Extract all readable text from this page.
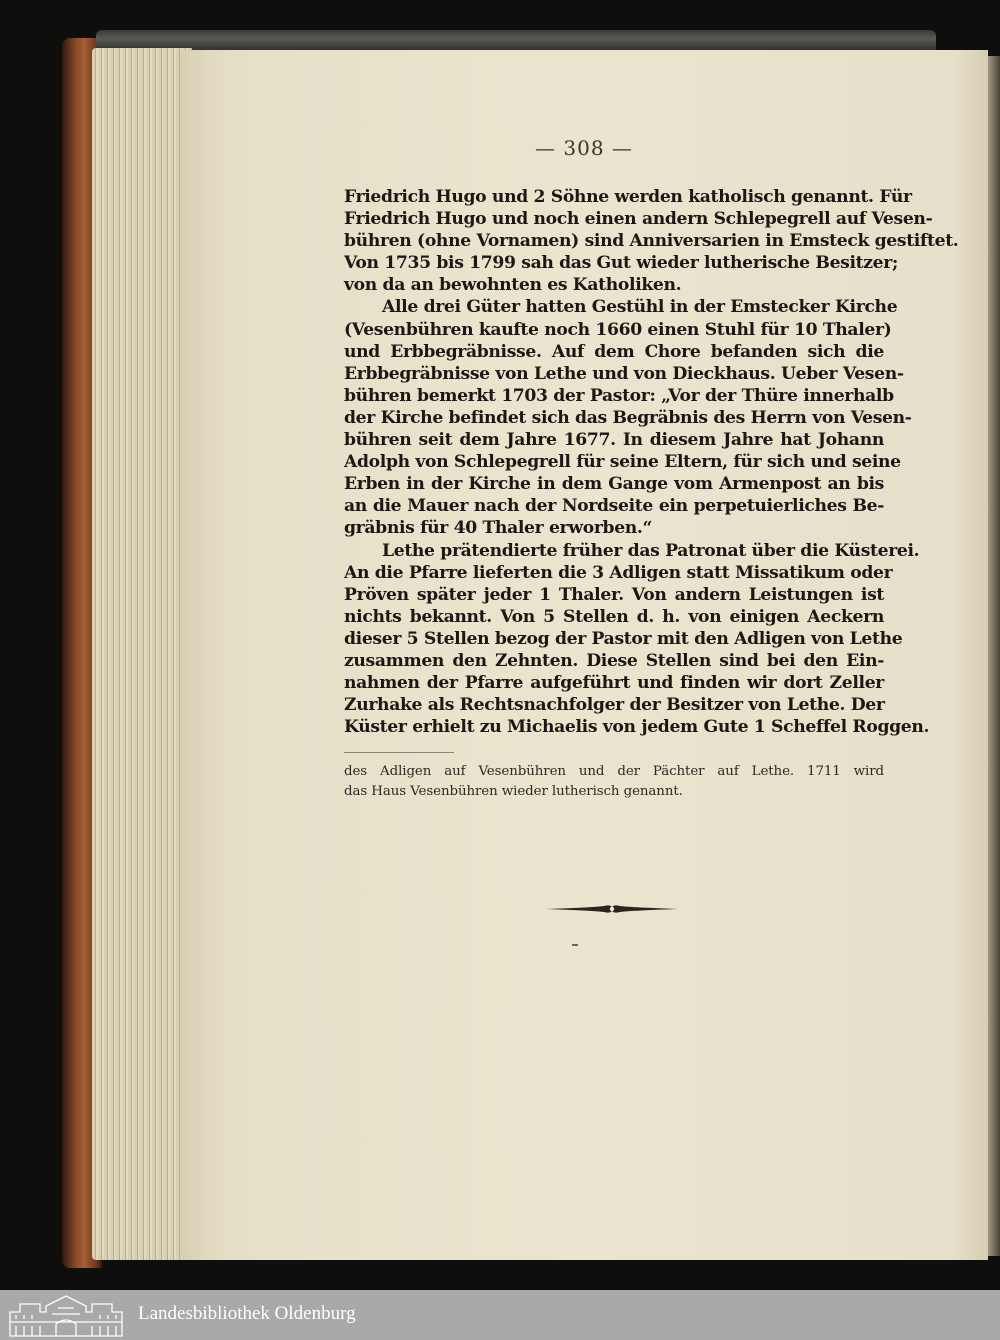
— 308 —
Friedrich Hugo und 2 Söhne werden katholisch genannt. Für
Friedrich Hugo und noch einen andern Schlepegrell auf Vesen-
bühren (ohne Vornamen) sind Anniversarien in Emsteck gestiftet.
Von 1735 bis 1799 sah das Gut wieder lutherische Besitzer;
von da an bewohnten es Katholiken.
Alle drei Güter hatten Gestühl in der Emstecker Kirche
(Vesenbühren kaufte noch 1660 einen Stuhl für 10 Thaler)
und Erbbegräbnisse. Auf dem Chore befanden sich die
Erbbegräbnisse von Lethe und von Dieckhaus. Ueber Vesen-
bühren bemerkt 1703 der Pastor: „Vor der Thüre innerhalb
der Kirche befindet sich das Begräbnis des Herrn von Vesen-
bühren seit dem Jahre 1677. In diesem Jahre hat Johann
Adolph von Schlepegrell für seine Eltern, für sich und seine
Erben in der Kirche in dem Gange vom Armenpost an bis
an die Mauer nach der Nordseite ein perpetuierliches Be-
gräbnis für 40 Thaler erworben.“
Lethe prätendierte früher das Patronat über die Küsterei.
An die Pfarre lieferten die 3 Adligen statt Missatikum oder
Pröven später jeder 1 Thaler. Von andern Leistungen ist
nichts bekannt. Von 5 Stellen d. h. von einigen Aeckern
dieser 5 Stellen bezog der Pastor mit den Adligen von Lethe
zusammen den Zehnten. Diese Stellen sind bei den Ein-
nahmen der Pfarre aufgeführt und finden wir dort Zeller
Zurhake als Rechtsnachfolger der Besitzer von Lethe. Der
Küster erhielt zu Michaelis von jedem Gute 1 Scheffel Roggen.
des Adligen auf Vesenbühren und der Pächter auf Lethe. 1711 wird
das Haus Vesenbühren wieder lutherisch genannt.
Landesbibliothek Oldenburg
